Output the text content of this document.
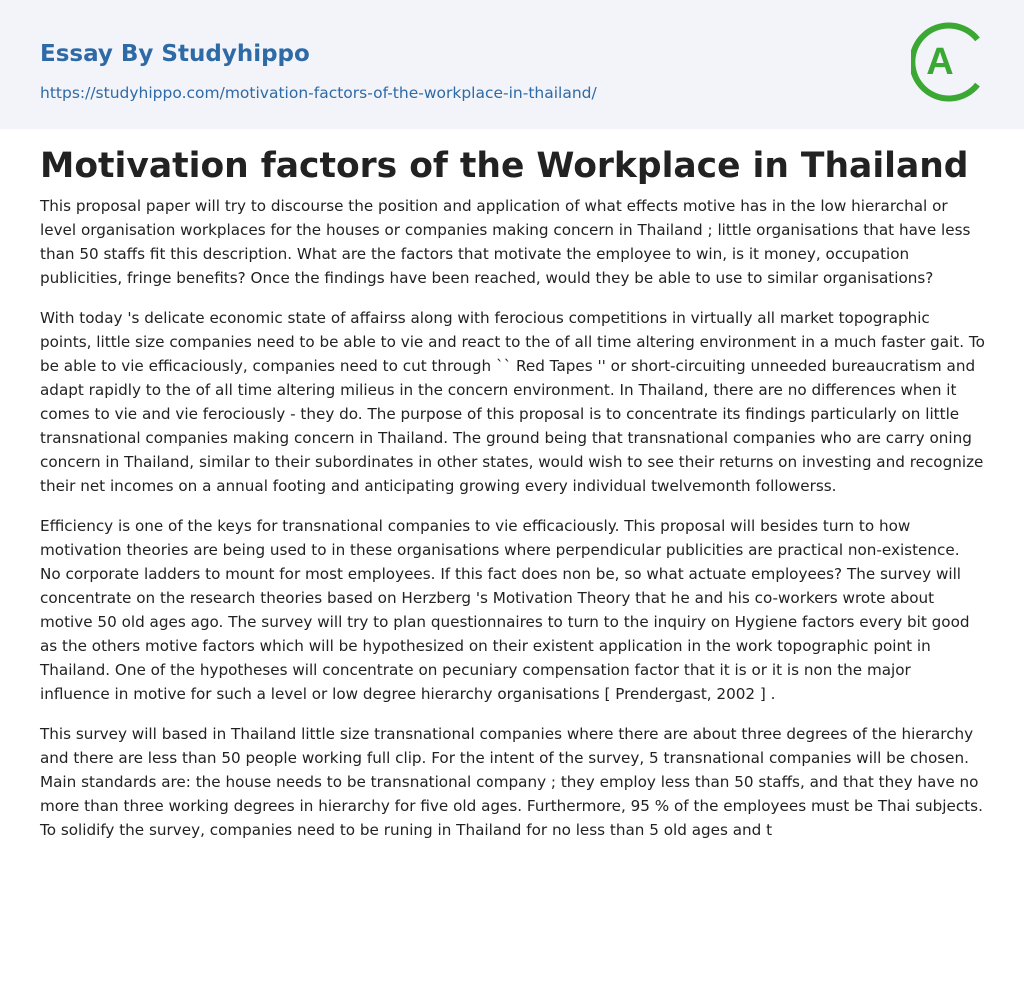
Essay By Studyhippo
https://studyhippo.com/motivation-factors-of-the-workplace-in-thailand/
A
Motivation factors of the Workplace in Thailand

This proposal paper will try to discourse the position and application of what effects motive has in the low hierarchal or level organisation workplaces for the houses or companies making concern in Thailand ; little organisations that have less than 50 staffs fit this description. What are the factors that motivate the employee to win, is it money, occupation publicities, fringe benefits? Once the findings have been reached, would they be able to use to similar organisations?

With today 's delicate economic state of affairss along with ferocious competitions in virtually all market topographic points, little size companies need to be able to vie and react to the of all time altering environment in a much faster gait. To be able to vie efficaciously, companies need to cut through `` Red Tapes '' or short-circuiting unneeded bureaucratism and adapt rapidly to the of all time altering milieus in the concern environment. In Thailand, there are no differences when it comes to vie and vie ferociously - they do. The purpose of this proposal is to concentrate its findings particularly on little transnational companies making concern in Thailand. The ground being that transnational companies who are carry oning concern in Thailand, similar to their subordinates in other states, would wish to see their returns on investing and recognize their net incomes on a annual footing and anticipating growing every individual twelvemonth followerss.

Efficiency is one of the keys for transnational companies to vie efficaciously. This proposal will besides turn to how motivation theories are being used to in these organisations where perpendicular publicities are practical non-existence. No corporate ladders to mount for most employees. If this fact does non be, so what actuate employees? The survey will concentrate on the research theories based on Herzberg 's Motivation Theory that he and his co-workers wrote about motive 50 old ages ago. The survey will try to plan questionnaires to turn to the inquiry on Hygiene factors every bit good as the others motive factors which will be hypothesized on their existent application in the work topographic point in Thailand. One of the hypotheses will concentrate on pecuniary compensation factor that it is or it is non the major influence in motive for such a level or low degree hierarchy organisations [ Prendergast, 2002 ] .

This survey will based in Thailand little size transnational companies where there are about three degrees of the hierarchy and there are less than 50 people working full clip. For the intent of the survey, 5 transnational companies will be chosen. Main standards are: the house needs to be transnational company ; they employ less than 50 staffs, and that they have no more than three working degrees in hierarchy for five old ages. Furthermore, 95 % of the employees must be Thai subjects. To solidify the survey, companies need to be runing in Thailand for no less than 5 old ages and t
